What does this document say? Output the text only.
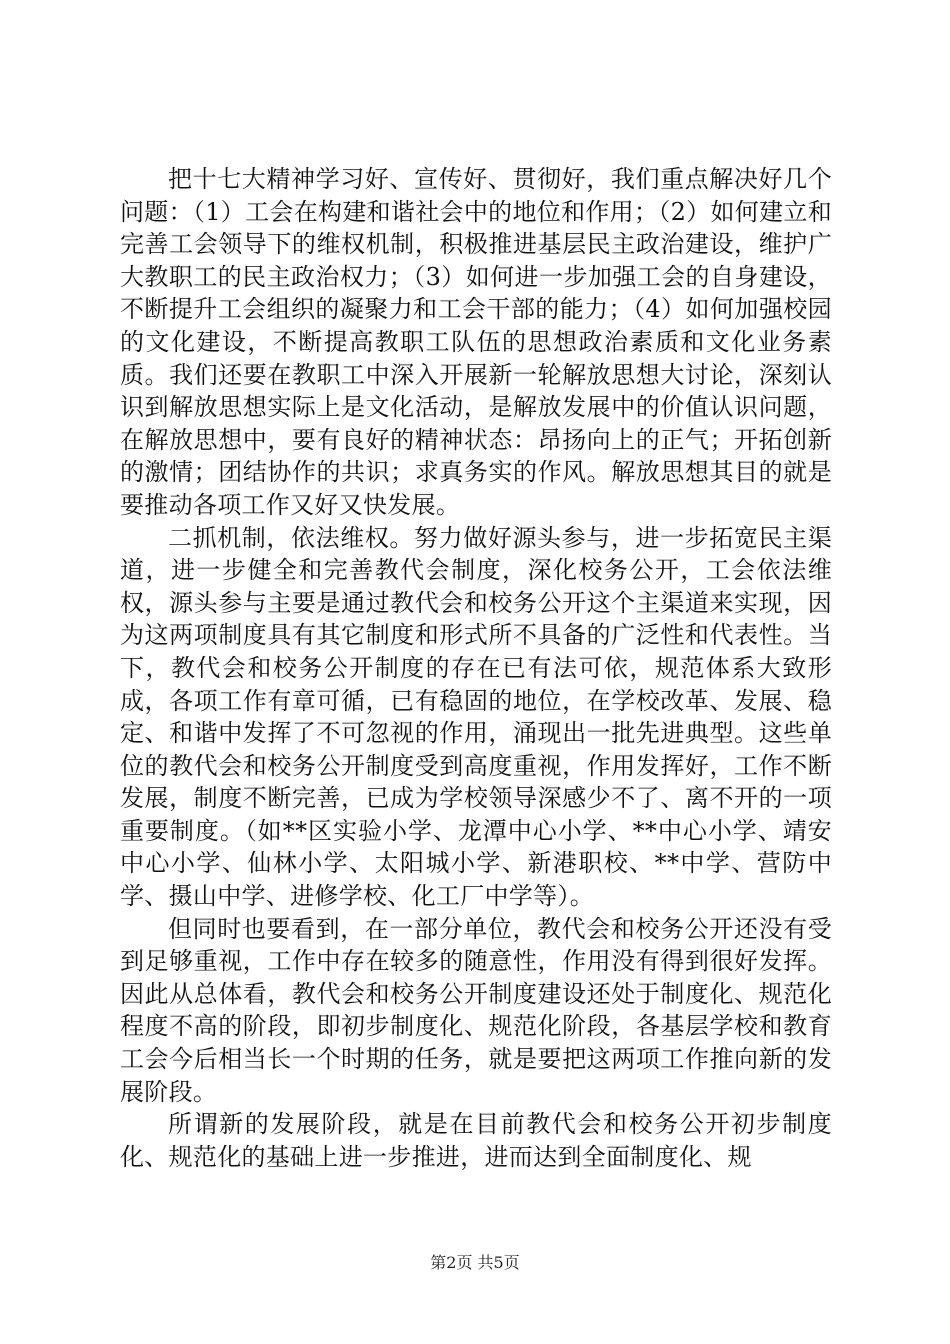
把十七大精神学习好、宣传好、贯彻好，我们重点解决好几个问题：（1）工会在构建和谐社会中的地位和作用；（2）如何建立和完善工会领导下的维权机制，积极推进基层民主政治建设，维护广大教职工的民主政治权力；（3）如何进一步加强工会的自身建设，不断提升工会组织的凝聚力和工会干部的能力；（4）如何加强校园的文化建设，不断提高教职工队伍的思想政治素质和文化业务素质。我们还要在教职工中深入开展新一轮解放思想大讨论，深刻认识到解放思想实际上是文化活动，是解放发展中的价值认识问题，在解放思想中，要有良好的精神状态：昂扬向上的正气；开拓创新的激情；团结协作的共识；求真务实的作风。解放思想其目的就是要推动各项工作又好又快发展。

二抓机制，依法维权。努力做好源头参与，进一步拓宽民主渠道，进一步健全和完善教代会制度，深化校务公开，工会依法维权，源头参与主要是通过教代会和校务公开这个主渠道来实现，因为这两项制度具有其它制度和形式所不具备的广泛性和代表性。当下，教代会和校务公开制度的存在已有法可依，规范体系大致形成，各项工作有章可循，已有稳固的地位，在学校改革、发展、稳定、和谐中发挥了不可忽视的作用，涌现出一批先进典型。这些单位的教代会和校务公开制度受到高度重视，作用发挥好，工作不断发展，制度不断完善，已成为学校领导深感少不了、离不开的一项重要制度。（如**区实验小学、龙潭中心小学、**中心小学、靖安中心小学、仙林小学、太阳城小学、新港职校、**中学、营防中学、摄山中学、进修学校、化工厂中学等）。

但同时也要看到，在一部分单位，教代会和校务公开还没有受到足够重视，工作中存在较多的随意性，作用没有得到很好发挥。因此从总体看，教代会和校务公开制度建设还处于制度化、规范化程度不高的阶段，即初步制度化、规范化阶段，各基层学校和教育工会今后相当长一个时期的任务，就是要把这两项工作推向新的发展阶段。

所谓新的发展阶段，就是在目前教代会和校务公开初步制度化、规范化的基础上进一步推进，进而达到全面制度化、规

第2页 共5页
